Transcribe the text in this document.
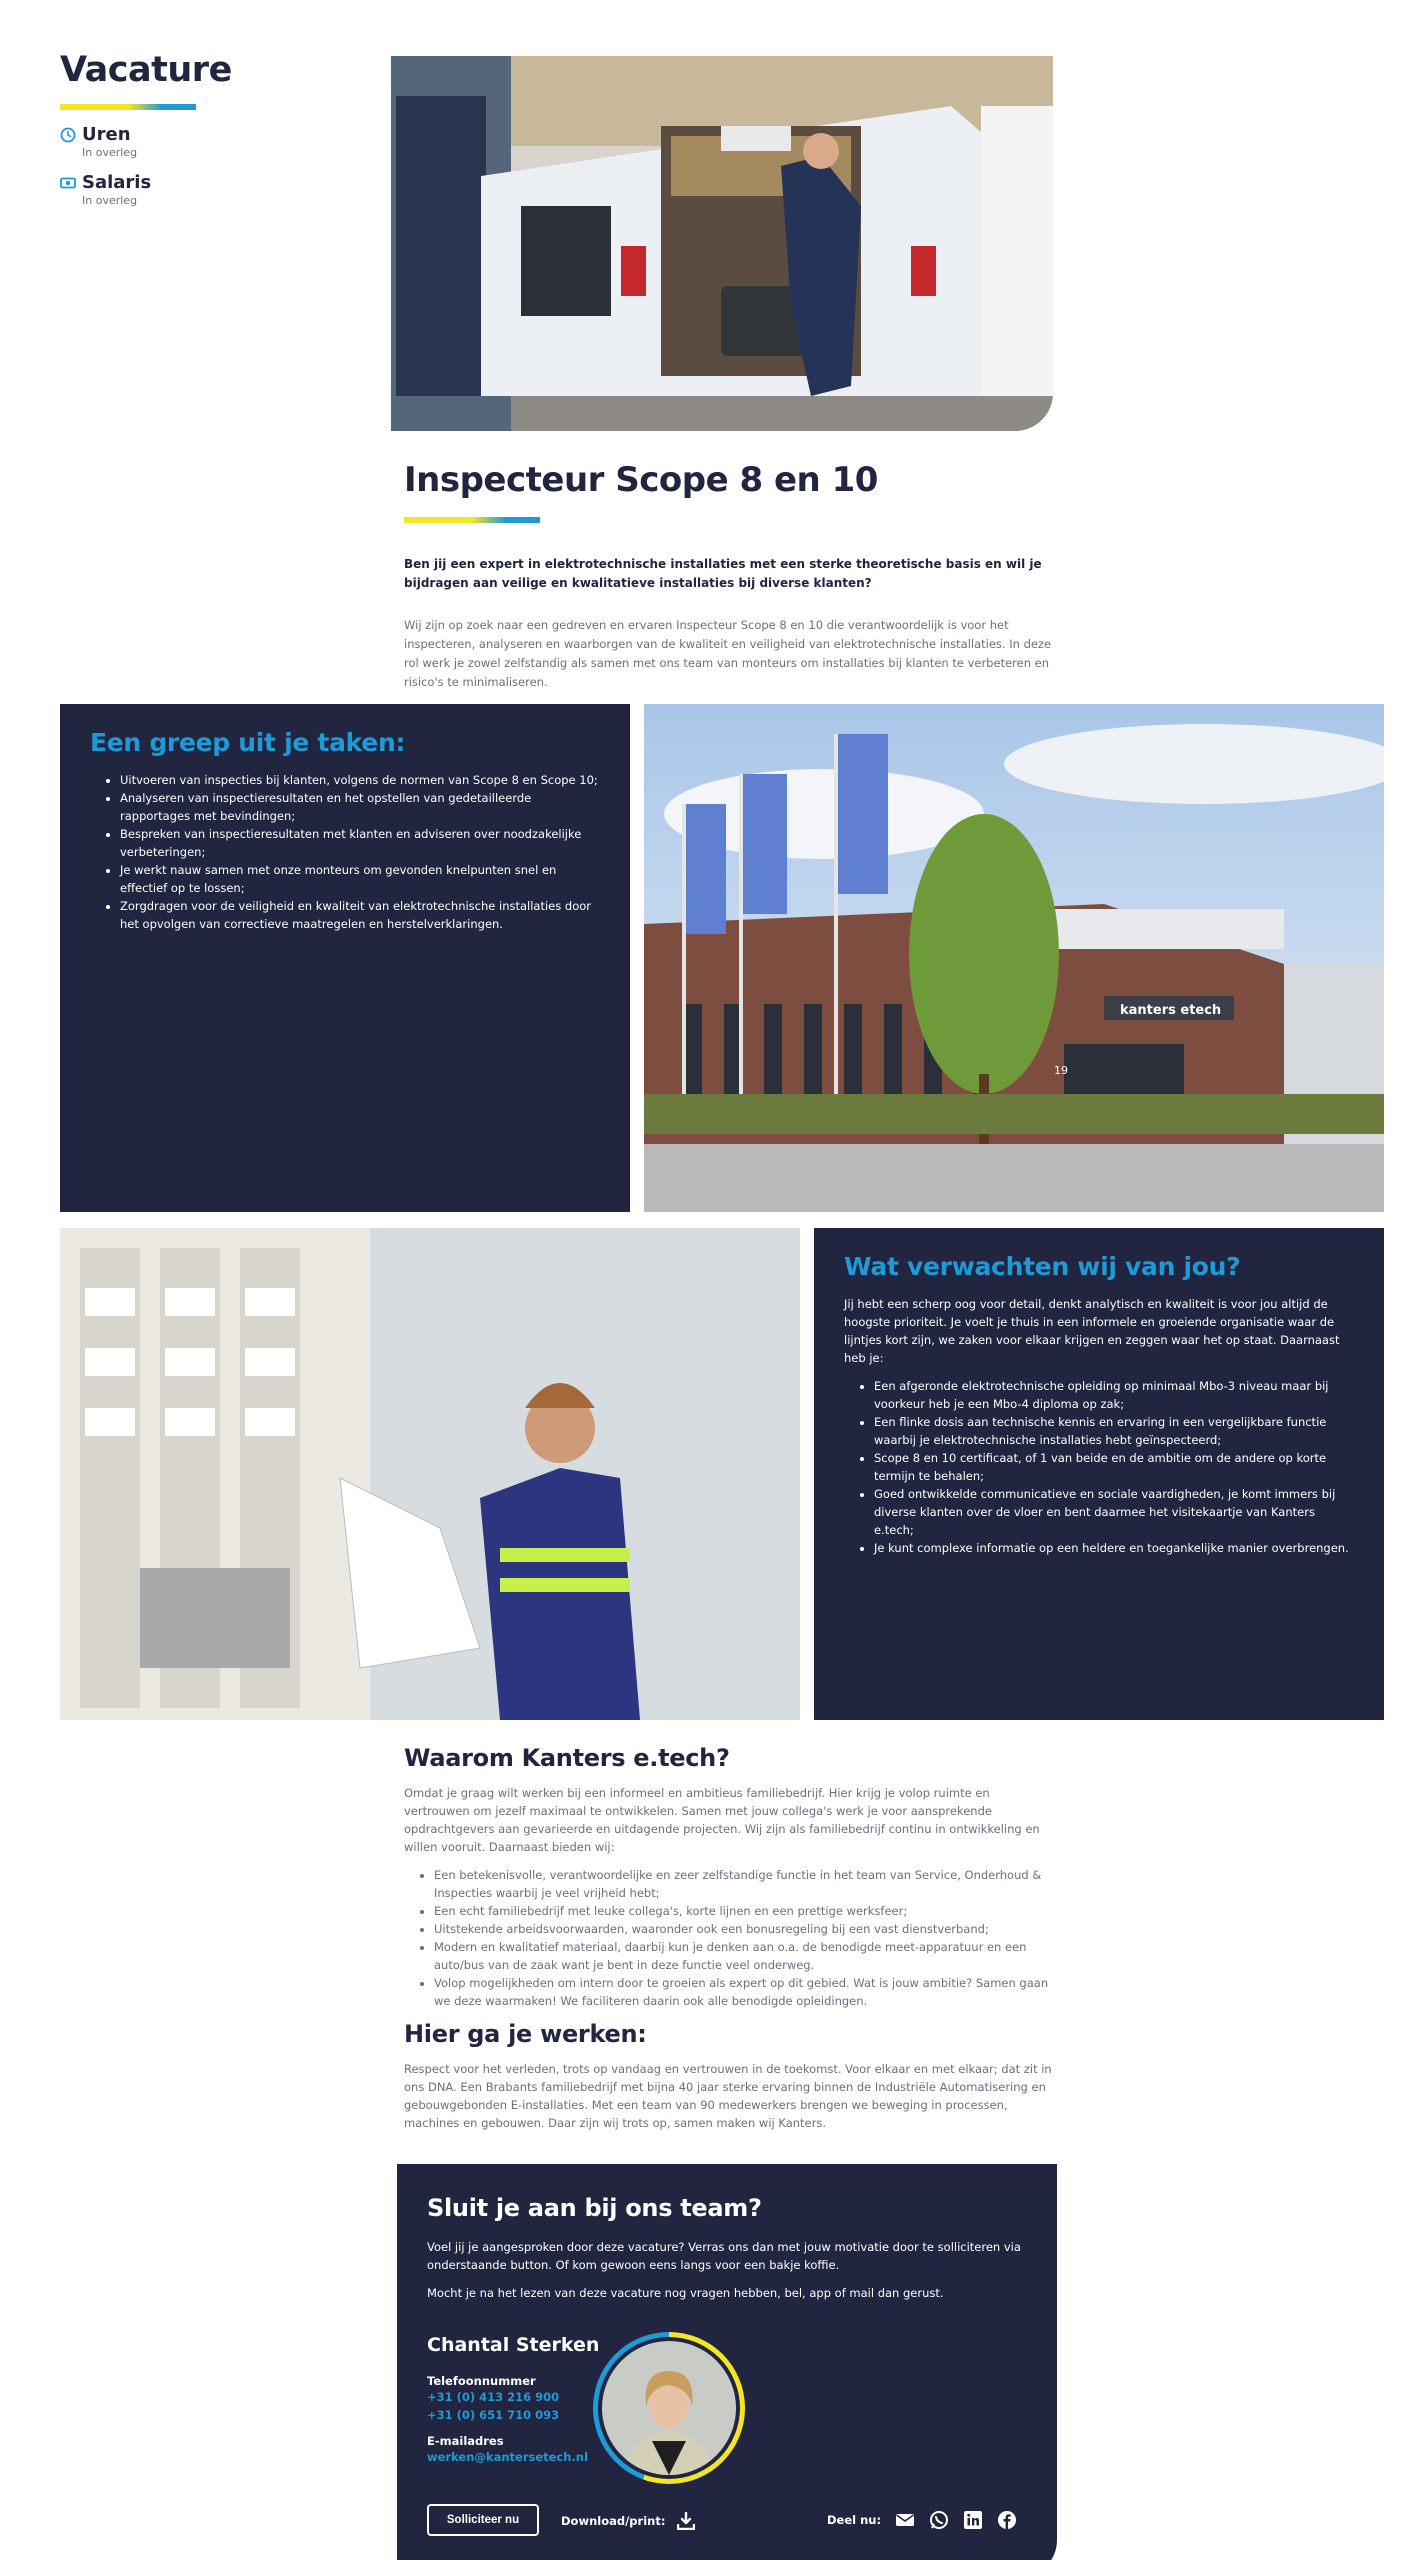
Vacature
Uren
In overleg
Salaris
In overleg
Inspecteur Scope 8 en 10
Ben jij een expert in elektrotechnische installaties met een sterke theoretische basis en wil je bijdragen aan veilige en kwalitatieve installaties bij diverse klanten?
Wij zijn op zoek naar een gedreven en ervaren Inspecteur Scope 8 en 10 die verantwoordelijk is voor het inspecteren, analyseren en waarborgen van de kwaliteit en veiligheid van elektrotechnische installaties. In deze rol werk je zowel zelfstandig als samen met ons team van monteurs om installaties bij klanten te verbeteren en risico's te minimaliseren.
Een greep uit je taken:
• Uitvoeren van inspecties bij klanten, volgens de normen van Scope 8 en Scope 10;
• Analyseren van inspectieresultaten en het opstellen van gedetailleerde rapportages met bevindingen;
• Bespreken van inspectieresultaten met klanten en adviseren over noodzakelijke verbeteringen;
• Je werkt nauw samen met onze monteurs om gevonden knelpunten snel en effectief op te lossen;
• Zorgdragen voor de veiligheid en kwaliteit van elektrotechnische installaties door het opvolgen van correctieve maatregelen en herstelverklaringen.
kanters etech
19
Wat verwachten wij van jou?

Jij hebt een scherp oog voor detail, denkt analytisch en kwaliteit is voor jou altijd de hoogste prioriteit. Je voelt je thuis in een informele en groeiende organisatie waar de lijntjes kort zijn, we zaken voor elkaar krijgen en zeggen waar het op staat. Daarnaast heb je:

• Een afgeronde elektrotechnische opleiding op minimaal Mbo-3 niveau maar bij voorkeur heb je een Mbo-4 diploma op zak;
• Een flinke dosis aan technische kennis en ervaring in een vergelijkbare functie waarbij je elektrotechnische installaties hebt geïnspecteerd;
• Scope 8 en 10 certificaat, of 1 van beide en de ambitie om de andere op korte termijn te behalen;
• Goed ontwikkelde communicatieve en sociale vaardigheden, je komt immers bij diverse klanten over de vloer en bent daarmee het visitekaartje van Kanters e.tech;
• Je kunt complexe informatie op een heldere en toegankelijke manier overbrengen.
Waarom Kanters e.tech?

Omdat je graag wilt werken bij een informeel en ambitieus familiebedrijf. Hier krijg je volop ruimte en vertrouwen om jezelf maximaal te ontwikkelen. Samen met jouw collega's werk je voor aansprekende opdrachtgevers aan gevarieerde en uitdagende projecten. Wij zijn als familiebedrijf continu in ontwikkeling en willen vooruit. Daarnaast bieden wij:

• Een betekenisvolle, verantwoordelijke en zeer zelfstandige functie in het team van Service, Onderhoud & Inspecties waarbij je veel vrijheid hebt;
• Een echt familiebedrijf met leuke collega's, korte lijnen en een prettige werksfeer;
• Uitstekende arbeidsvoorwaarden, waaronder ook een bonusregeling bij een vast dienstverband;
• Modern en kwalitatief materiaal, daarbij kun je denken aan o.a. de benodigde meet-apparatuur en een auto/bus van de zaak want je bent in deze functie veel onderweg.
• Volop mogelijkheden om intern door te groeien als expert op dit gebied. Wat is jouw ambitie? Samen gaan we deze waarmaken! We faciliteren daarin ook alle benodigde opleidingen.
Hier ga je werken:

Respect voor het verleden, trots op vandaag en vertrouwen in de toekomst. Voor elkaar en met elkaar; dat zit in ons DNA. Een Brabants familiebedrijf met bijna 40 jaar sterke ervaring binnen de Industriële Automatisering en gebouwgebonden E-installaties. Met een team van 90 medewerkers brengen we beweging in processen, machines en gebouwen. Daar zijn wij trots op, samen maken wij Kanters.

Sluit je aan bij ons team?

Voel jij je aangesproken door deze vacature? Verras ons dan met jouw motivatie door te solliciteren via onderstaande button. Of kom gewoon eens langs voor een bakje koffie.

Mocht je na het lezen van deze vacature nog vragen hebben, bel, app of mail dan gerust.

Chantal Sterken
Telefoonnummer
+31 (0) 413 216 900
+31 (0) 651 710 093
E-mailadres
werken@kantersetech.nl
Solliciteer nu	Download/print:	Deel nu:
